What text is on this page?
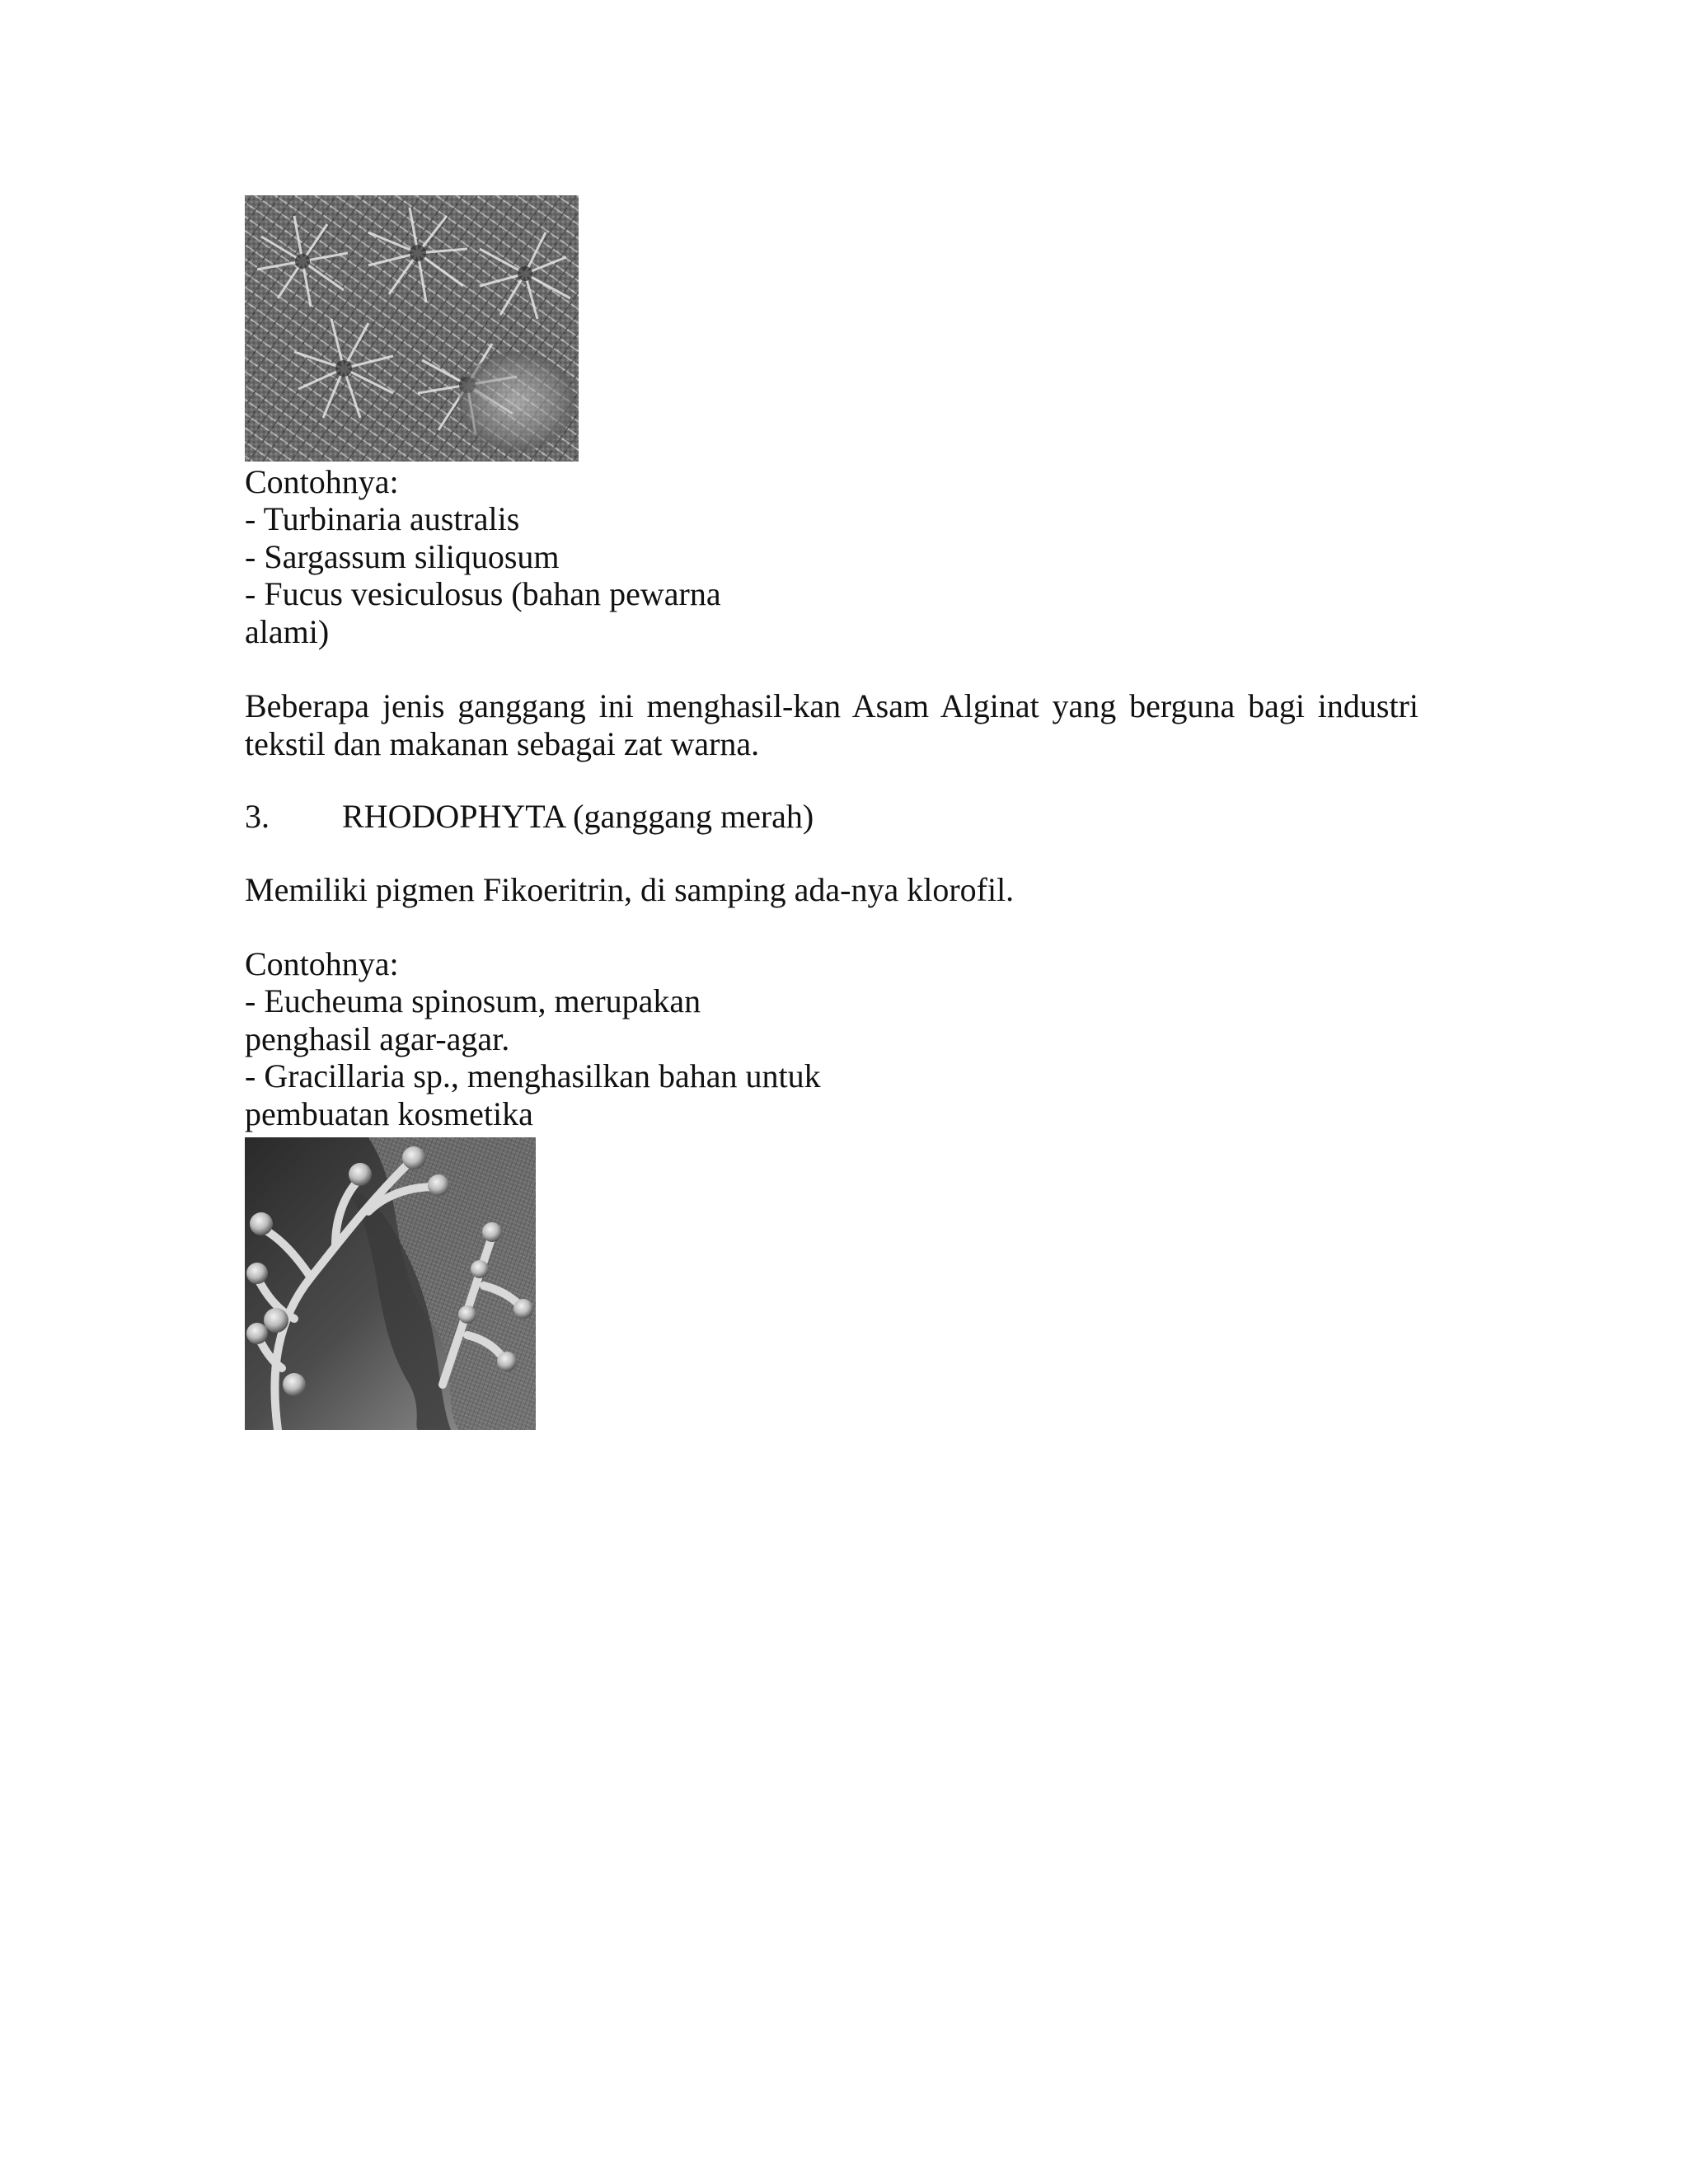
Contohnya:
- Turbinaria australis
- Sargassum siliquosum
- Fucus vesiculosus (bahan pewarna
alami)
Beberapa jenis ganggang ini menghasil-kan Asam Alginat yang berguna bagi industri
tekstil dan makanan sebagai zat warna.
3. RHODOPHYTA (ganggang merah)
Memiliki pigmen Fikoeritrin, di samping ada-nya klorofil.
Contohnya:
- Eucheuma spinosum, merupakan
penghasil agar-agar.
- Gracillaria sp., menghasilkan bahan untuk
pembuatan kosmetika
